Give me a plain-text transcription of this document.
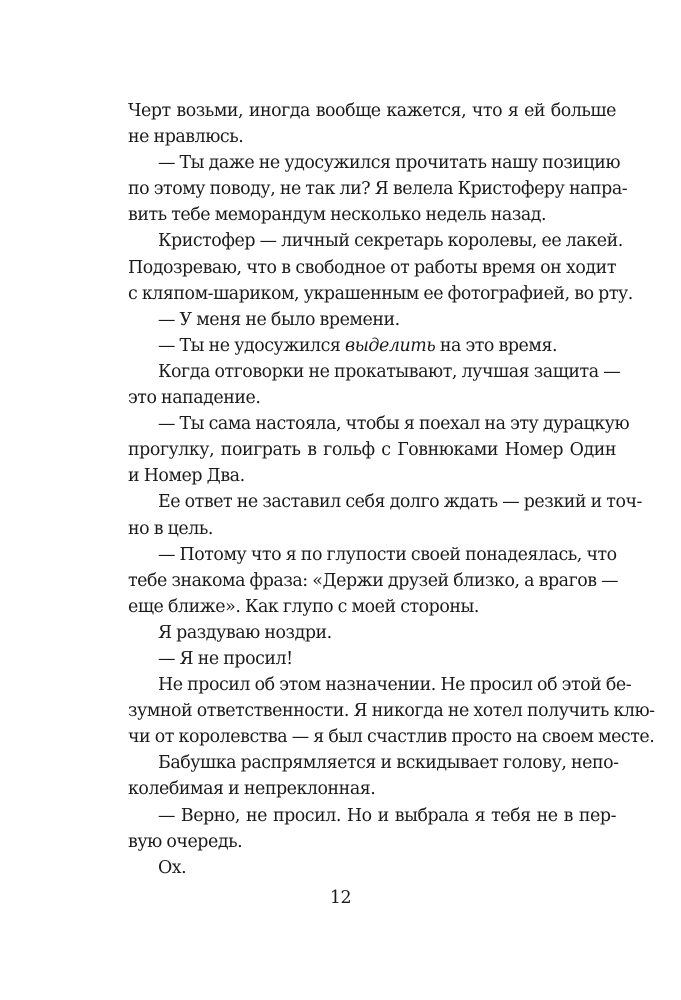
Черт возьми, иногда вообще кажется, что я ей больше
не нравлюсь.
— Ты даже не удосужился прочитать нашу позицию
по этому поводу, не так ли? Я велела Кристоферу напра-
вить тебе меморандум несколько недель назад.
Кристофер — личный секретарь королевы, ее лакей.
Подозреваю, что в свободное от работы время он ходит
с кляпом-шариком, украшенным ее фотографией, во рту.
— У меня не было времени.
— Ты не удосужился выделить на это время.
Когда отговорки не прокатывают, лучшая защита —
это нападение.
— Ты сама настояла, чтобы я поехал на эту дурацкую
прогулку, поиграть в гольф с Говнюками Номер Один
и Номер Два.
Ее ответ не заставил себя долго ждать — резкий и точ-
но в цель.
— Потому что я по глупости своей понадеялась, что
тебе знакома фраза: «Держи друзей близко, а врагов —
еще ближе». Как глупо с моей стороны.
Я раздуваю ноздри.
— Я не просил!
Не просил об этом назначении. Не просил об этой бе-
зумной ответственности. Я никогда не хотел получить клю-
чи от королевства — я был счастлив просто на своем месте.
Бабушка распрямляется и вскидывает голову, непо-
колебимая и непреклонная.
— Верно, не просил. Но и выбрала я тебя не в пер-
вую очередь.
Ох.
12
